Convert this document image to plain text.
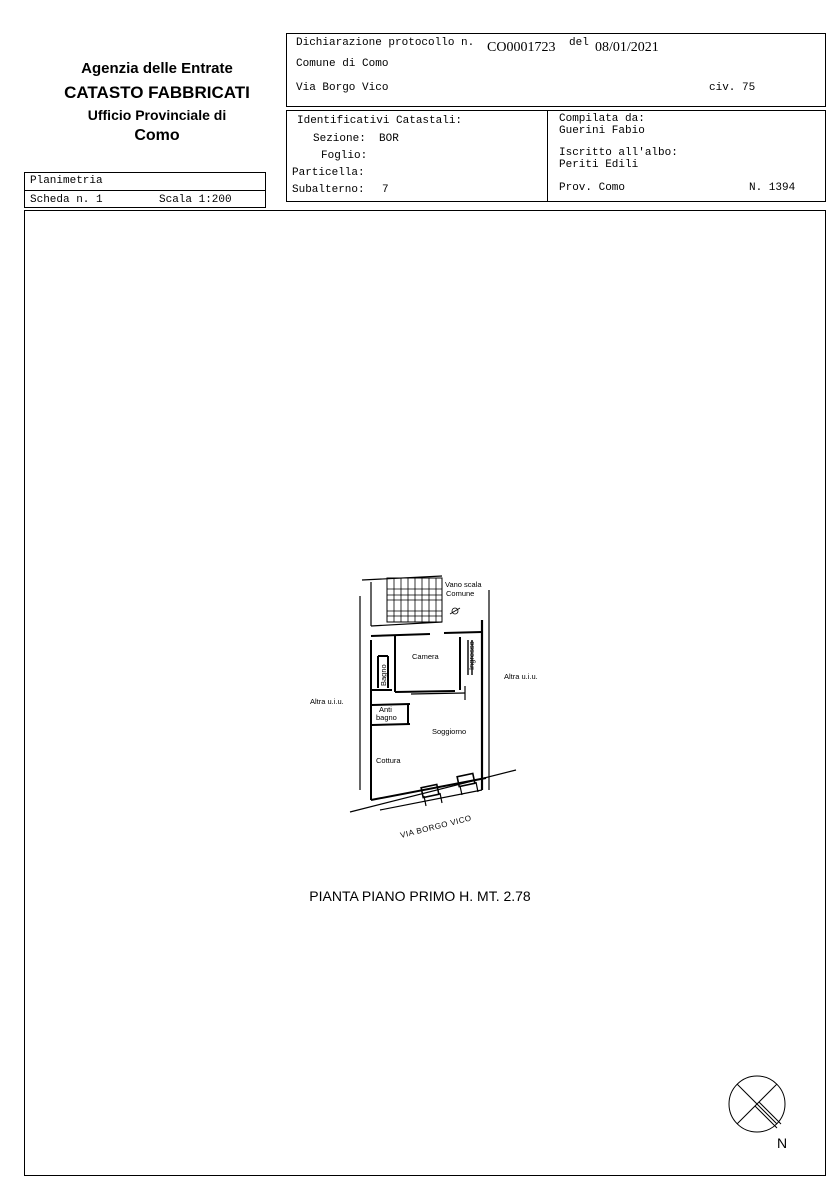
Agenzia delle Entrate
CATASTO FABBRICATI
Ufficio Provinciale di
Como
Planimetria
Scheda n. 1	Scala 1:200
Dichiarazione protocollo n. CO0001723 del 08/01/2021
Comune di Como
Via Borgo Vico	civ. 75
Identificativi Catastali:
Sezione: BOR
Foglio:
Particella:
Subalterno: 7
Compilata da:
Guerini Fabio
Iscritto all'albo:
Periti Edili
Prov. Como	N. 1394
Vano scala
Comune
Camera
Bagno
Ingresso
Altra u.i.u.
Altra u.i.u.
Anti
bagno
Soggiorno
Cottura
VIA BORGO VICO
N
PIANTA PIANO PRIMO H. MT. 2.78
